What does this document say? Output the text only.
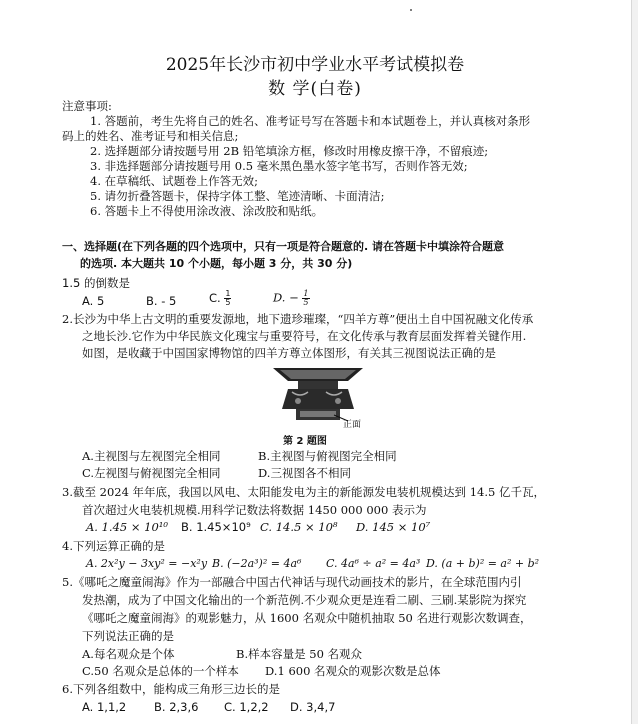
2025年长沙市初中学业水平考试模拟卷
数 学(白卷)
注意事项:
1. 答题前，考生先将自己的姓名、准考证号写在答题卡和本试题卷上，并认真核对条形
码上的姓名、准考证号和相关信息;
2. 选择题部分请按题号用 2B 铅笔填涂方框，修改时用橡皮擦干净，不留痕迹;
3. 非选择题部分请按题号用 0.5 毫米黑色墨水签字笔书写，否则作答无效;
4. 在草稿纸、试题卷上作答无效;
5. 请勿折叠答题卡，保持字体工整、笔迹清晰、卡面清洁;
6. 答题卡上不得使用涂改液、涂改胶和贴纸。
一、选择题(在下列各题的四个选项中，只有一项是符合题意的. 请在答题卡中填涂符合题意
的选项. 本大题共 10 个小题，每小题 3 分，共 30 分)
1.5 的倒数是
A. 5	B. - 5	C. $\frac{1}{5}$	D. − $\frac{1}{5}$
2.长沙为中华上古文明的重要发源地，地下遗珍璀璨，“四羊方尊”便出土自中国祝融文化传承
之地长沙.它作为中华民族文化瑰宝与重要符号，在文化传承与教育层面发挥着关键作用.
如图，是收藏于中国国家博物馆的四羊方尊立体图形，有关其三视图说法正确的是
正面
第 2 题图
A.主视图与左视图完全相同	B.主视图与俯视图完全相同
C.左视图与俯视图完全相同	D.三视图各不相同
3.截至 2024 年年底，我国以风电、太阳能发电为主的新能源发电装机规模达到 14.5 亿千瓦，
首次超过火电装机规模.用科学记数法将数据 1450 000 000 表示为
A. 1.45 × 10¹⁰ B. 1.45×10⁹ C. 14.5 × 10⁸ D. 145 × 10⁷
4.下列运算正确的是
A. 2x²y − 3xy² = −x²y B. (−2a³)² = 4a⁶ C. 4a⁶ ÷ a² = 4a³ D. (a + b)² = a² + b²
5.《哪吒之魔童闹海》作为一部融合中国古代神话与现代动画技术的影片，在全球范围内引
发热潮，成为了中国文化输出的一个新范例.不少观众更是连看二刷、三刷.某影院为探究
《哪吒之魔童闹海》的观影魅力，从 1600 名观众中随机抽取 50 名进行观影次数调查，
下列说法正确的是
A.每名观众是个体	B.样本容量是 50 名观众
C.50 名观众是总体的一个样本 D.1 600 名观众的观影次数是总体
6.下列各组数中，能构成三角形三边长的是
A. 1,1,2 B. 2,3,6 C. 1,2,2 D. 3,4,7
